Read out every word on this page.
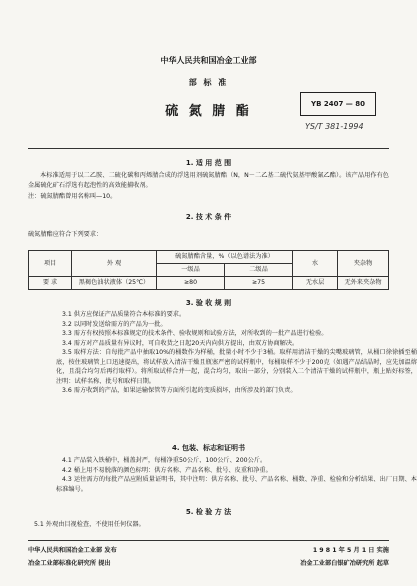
中华人民共和国冶金工业部
部 标 准
YB 2407 — 80
硫 氮 腈 酯
YS/T 381-1994
1. 适 用 范 围
本标准适用于以二乙胺、二硫化碳和丙烯腈合成的浮选用剂硫氮腈酯（N，N－二乙基二硫代氨基甲酸氰乙酯）。该产品用作有色金属硫化矿石浮选有起泡性的高效能捕收剂。
注：硫氮腈酯曾用名称叫—10。
2. 技 术 条 件
硫氮腈酯应符合下列要求：
项目	外 观	硫氮腈酯含量，%（以色谱法为准）		水	夹杂物
		一级品	二级品		
要 求	黑褐色油状液体（25℃）	≥80	≥75	无水层	无外来夹杂物
3. 验 收 规 则
3.1 供方应保证产品质量符合本标准的要求。
3.2 以同时发送给需方的产品为一批。
3.3 需方有权按照本标准规定的技术条件、验收规则和试验方法，对所收到的一批产品进行检验。
3.4 需方对产品质量有异议时，可自收货之日起20天内向供方提出，由双方协商解决。
3.5 取样方法：自每批产品中抽取10%的桶数作为样桶，批量小时不少于3桶。取样用清洁干燥的尖嘴玻璃管，从桶口徐徐插至桶底，按住玻璃管上口迅速提出，将试样放入清洁干燥且瓶塞严密的试样瓶中，每桶取样不少于200克（如遇产品结晶时，应先加温熔化，且混合均匀后再行取样）。将所取试样合并一起，混合均匀，取出一部分，分别装入二个清洁干燥的试样瓶中，瓶上贴好标签，注明：试样名称、批号和取样日期。
3.6 需方收到的产品，如果运输保管等方面所引起的变质损坏，由所涉及的部门负责。
4. 包装、标志和证明书
4.1 产品装入铁桶中，桶盖封严，每桶净重50公斤、100公斤、200公斤。
4.2 桶上用不易脱落的颜色标明：供方名称、产品名称、批号、皮重和净重。
4.3 运往需方的每批产品应附质量证明书，其中注明：供方名称、批号、产品名称、桶数、净重、检验和分析结果、出厂日期、本标准编号。
5. 检 验 方 法
5.1 外观由目视检查，不使用任何仪器。
中华人民共和国冶金工业部 发布	1 9 8 1 年 5 月 1 日 实施
冶金工业部标准化研究所 提出	冶金工业部白银矿冶研究所 起草
